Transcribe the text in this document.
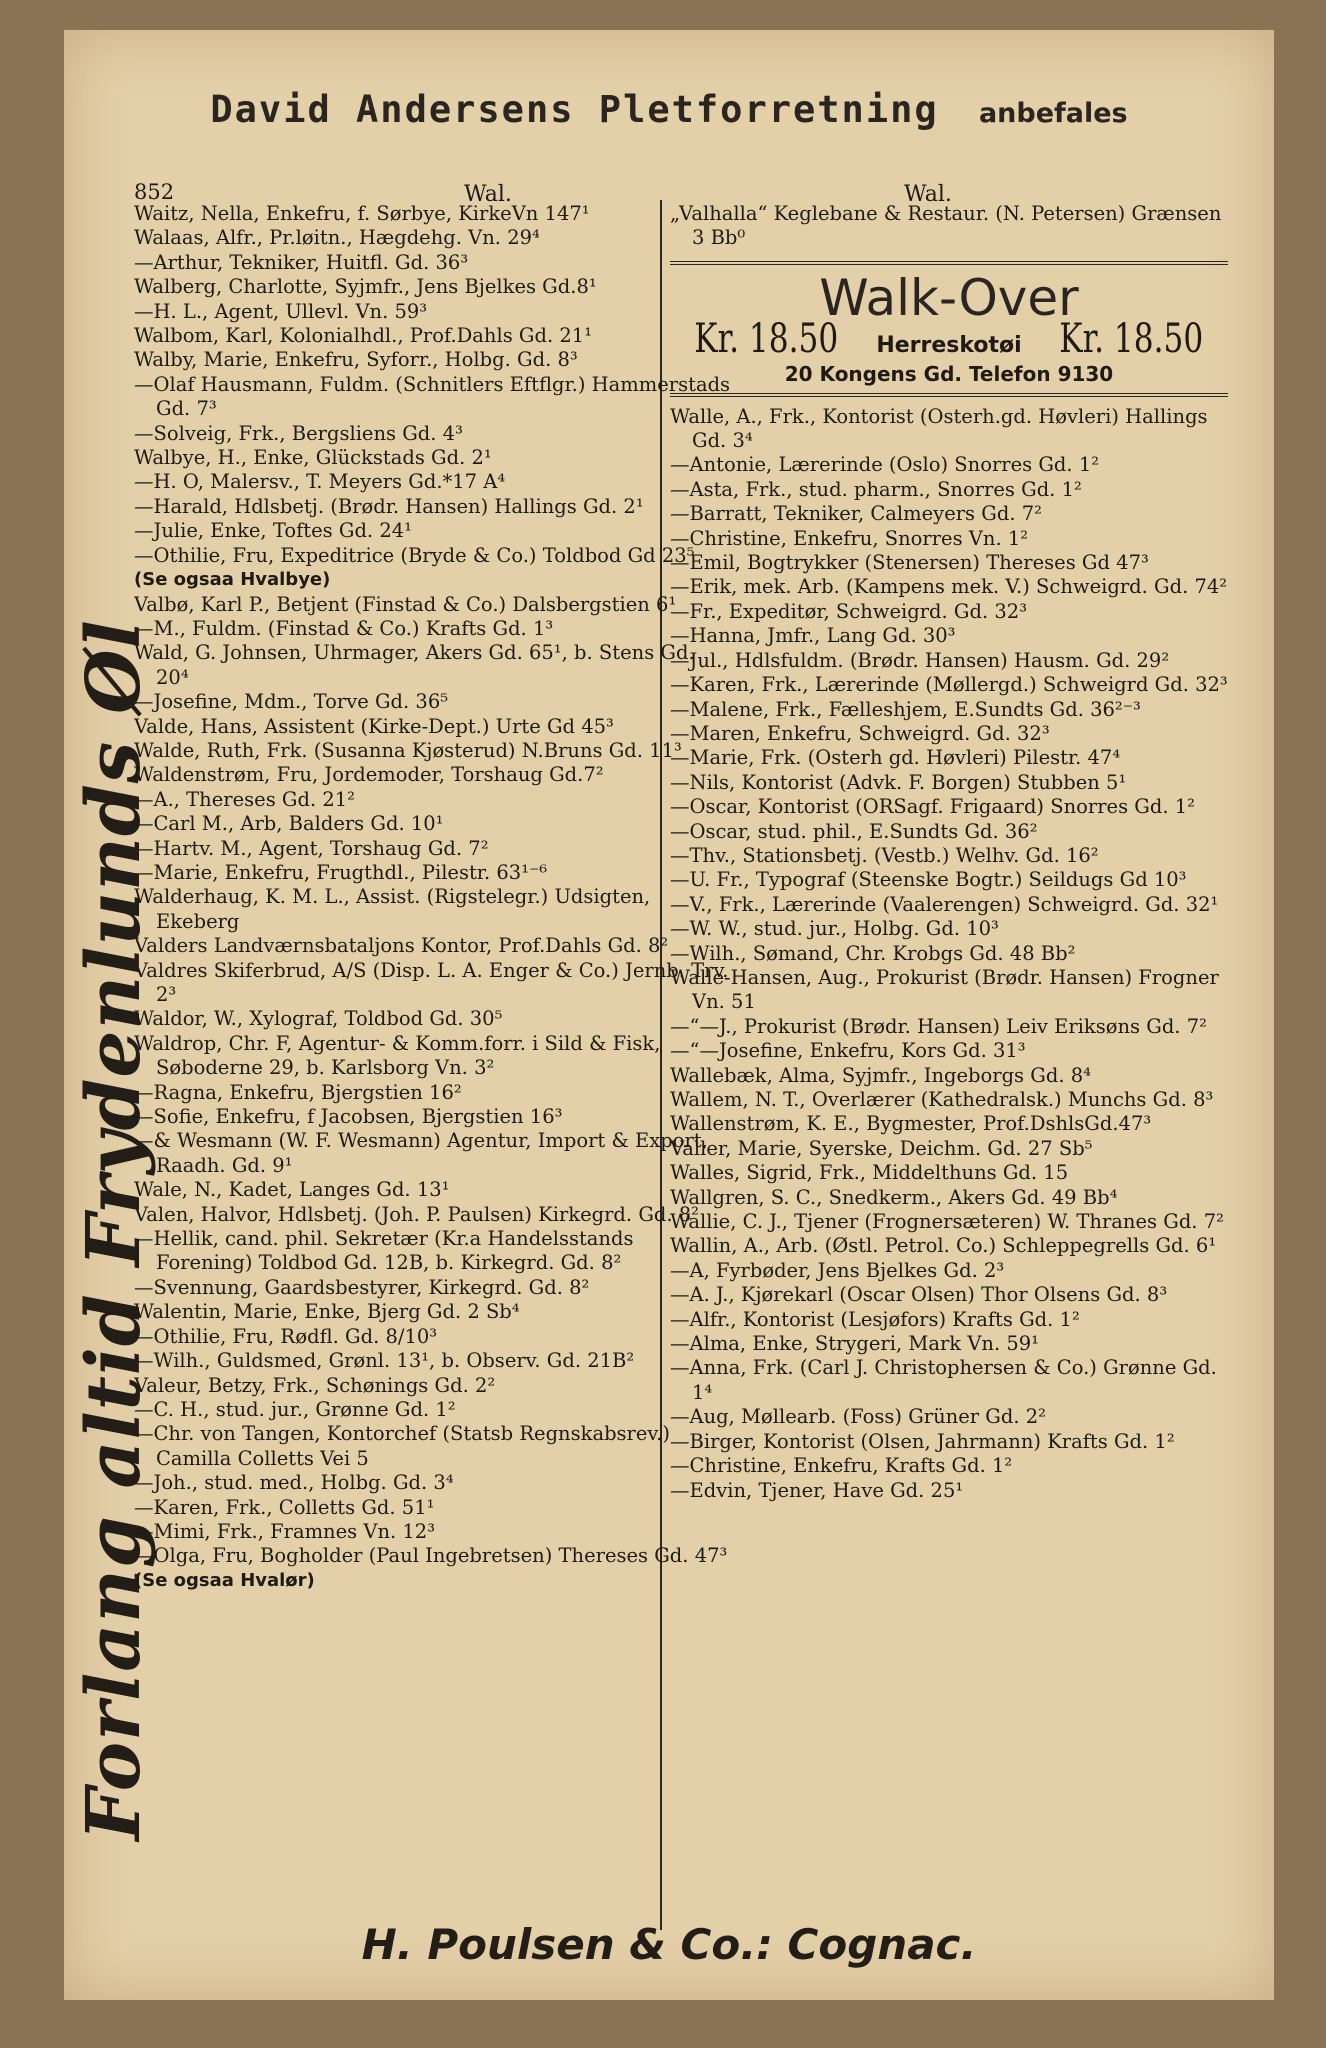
David Andersens Pletforretning anbefales
852	Wal.	Wal.
Forlang altid Frydenlunds Øl
Waitz, Nella, Enkefru, f. Sørbye, KirkeVn 147¹
Walaas, Alfr., Pr.løitn., Hægdehg. Vn. 29⁴
—Arthur, Tekniker, Huitfl. Gd. 36³
Walberg, Charlotte, Syjmfr., Jens Bjelkes Gd.8¹
—H. L., Agent, Ullevl. Vn. 59³
Walbom, Karl, Kolonialhdl., Prof.Dahls Gd. 21¹
Walby, Marie, Enkefru, Syforr., Holbg. Gd. 8³
—Olaf Hausmann, Fuldm. (Schnitlers Eftflgr.) Hammerstads Gd. 7³
—Solveig, Frk., Bergsliens Gd. 4³
Walbye, H., Enke, Glückstads Gd. 2¹
—H. O, Malersv., T. Meyers Gd.*17 A⁴
—Harald, Hdlsbetj. (Brødr. Hansen) Hallings Gd. 2¹
—Julie, Enke, Toftes Gd. 24¹
—Othilie, Fru, Expeditrice (Bryde & Co.) Toldbod Gd 23⁵
(Se ogsaa Hvalbye)
Valbø, Karl P., Betjent (Finstad & Co.) Dalsbergstien 6¹
—M., Fuldm. (Finstad & Co.) Krafts Gd. 1³
Wald, G. Johnsen, Uhrmager, Akers Gd. 65¹, b. Stens Gd. 20⁴
—Josefine, Mdm., Torve Gd. 36⁵
Valde, Hans, Assistent (Kirke-Dept.) Urte Gd 45³
Walde, Ruth, Frk. (Susanna Kjøsterud) N.Bruns Gd. 11³
Waldenstrøm, Fru, Jordemoder, Torshaug Gd.7²
—A., Thereses Gd. 21²
—Carl M., Arb, Balders Gd. 10¹
—Hartv. M., Agent, Torshaug Gd. 7²
—Marie, Enkefru, Frugthdl., Pilestr. 63¹⁻⁶
Walderhaug, K. M. L., Assist. (Rigstelegr.) Udsigten, Ekeberg
Valders Landværnsbataljons Kontor, Prof.Dahls Gd. 8²
Valdres Skiferbrud, A/S (Disp. L. A. Enger & Co.) Jernb. Trv. 2³
Waldor, W., Xylograf, Toldbod Gd. 30⁵
Waldrop, Chr. F, Agentur- & Komm.forr. i Sild & Fisk, Søboderne 29, b. Karlsborg Vn. 3²
—Ragna, Enkefru, Bjergstien 16²
—Sofie, Enkefru, f Jacobsen, Bjergstien 16³
—& Wesmann (W. F. Wesmann) Agentur, Import & Export, Raadh. Gd. 9¹
Wale, N., Kadet, Langes Gd. 13¹
Valen, Halvor, Hdlsbetj. (Joh. P. Paulsen) Kirkegrd. Gd. 8²
—Hellik, cand. phil. Sekretær (Kr.a Handelsstands Forening) Toldbod Gd. 12B, b. Kirkegrd. Gd. 8²
—Svennung, Gaardsbestyrer, Kirkegrd. Gd. 8²
Walentin, Marie, Enke, Bjerg Gd. 2 Sb⁴
—Othilie, Fru, Rødfl. Gd. 8/10³
—Wilh., Guldsmed, Grønl. 13¹, b. Observ. Gd. 21B²
Valeur, Betzy, Frk., Schønings Gd. 2²
—C. H., stud. jur., Grønne Gd. 1²
—Chr. von Tangen, Kontorchef (Statsb Regnskabsrev.) Camilla Colletts Vei 5
—Joh., stud. med., Holbg. Gd. 3⁴
—Karen, Frk., Colletts Gd. 51¹
—Mimi, Frk., Framnes Vn. 12³
—Olga, Fru, Bogholder (Paul Ingebretsen) Thereses Gd. 47³
(Se ogsaa Hvalør)
„Valhalla“ Keglebane & Restaur. (N. Petersen) Grænsen 3 Bb⁰
Walk-Over
Kr. 18.50 Herreskotøi Kr. 18.50
20 Kongens Gd. Telefon 9130
Walle, A., Frk., Kontorist (Osterh.gd. Høvleri) Hallings Gd. 3⁴
—Antonie, Lærerinde (Oslo) Snorres Gd. 1²
—Asta, Frk., stud. pharm., Snorres Gd. 1²
—Barratt, Tekniker, Calmeyers Gd. 7²
—Christine, Enkefru, Snorres Vn. 1²
—Emil, Bogtrykker (Stenersen) Thereses Gd 47³
—Erik, mek. Arb. (Kampens mek. V.) Schweigrd. Gd. 74²
—Fr., Expeditør, Schweigrd. Gd. 32³
—Hanna, Jmfr., Lang Gd. 30³
—Jul., Hdlsfuldm. (Brødr. Hansen) Hausm. Gd. 29²
—Karen, Frk., Lærerinde (Møllergd.) Schweigrd Gd. 32³
—Malene, Frk., Fælleshjem, E.Sundts Gd. 36²⁻³
—Maren, Enkefru, Schweigrd. Gd. 32³
—Marie, Frk. (Osterh gd. Høvleri) Pilestr. 47⁴
—Nils, Kontorist (Advk. F. Borgen) Stubben 5¹
—Oscar, Kontorist (ORSagf. Frigaard) Snorres Gd. 1²
—Oscar, stud. phil., E.Sundts Gd. 36²
—Thv., Stationsbetj. (Vestb.) Welhv. Gd. 16²
—U. Fr., Typograf (Steenske Bogtr.) Seildugs Gd 10³
—V., Frk., Lærerinde (Vaalerengen) Schweigrd. Gd. 32¹
—W. W., stud. jur., Holbg. Gd. 10³
—Wilh., Sømand, Chr. Krobgs Gd. 48 Bb²
Walle-Hansen, Aug., Prokurist (Brødr. Hansen) Frogner Vn. 51
—“—J., Prokurist (Brødr. Hansen) Leiv Eriksøns Gd. 7²
—“—Josefine, Enkefru, Kors Gd. 31³
Wallebæk, Alma, Syjmfr., Ingeborgs Gd. 8⁴
Wallem, N. T., Overlærer (Kathedralsk.) Munchs Gd. 8³
Wallenstrøm, K. E., Bygmester, Prof.DshlsGd.47³
Valler, Marie, Syerske, Deichm. Gd. 27 Sb⁵
Walles, Sigrid, Frk., Middelthuns Gd. 15
Wallgren, S. C., Snedkerm., Akers Gd. 49 Bb⁴
Wallie, C. J., Tjener (Frognersæteren) W. Thranes Gd. 7²
Wallin, A., Arb. (Østl. Petrol. Co.) Schleppegrells Gd. 6¹
—A, Fyrbøder, Jens Bjelkes Gd. 2³
—A. J., Kjørekarl (Oscar Olsen) Thor Olsens Gd. 8³
—Alfr., Kontorist (Lesjøfors) Krafts Gd. 1²
—Alma, Enke, Strygeri, Mark Vn. 59¹
—Anna, Frk. (Carl J. Christophersen & Co.) Grønne Gd. 1⁴
—Aug, Møllearb. (Foss) Grüner Gd. 2²
—Birger, Kontorist (Olsen, Jahrmann) Krafts Gd. 1²
—Christine, Enkefru, Krafts Gd. 1²
—Edvin, Tjener, Have Gd. 25¹
H. Poulsen & Co.: Cognac.
